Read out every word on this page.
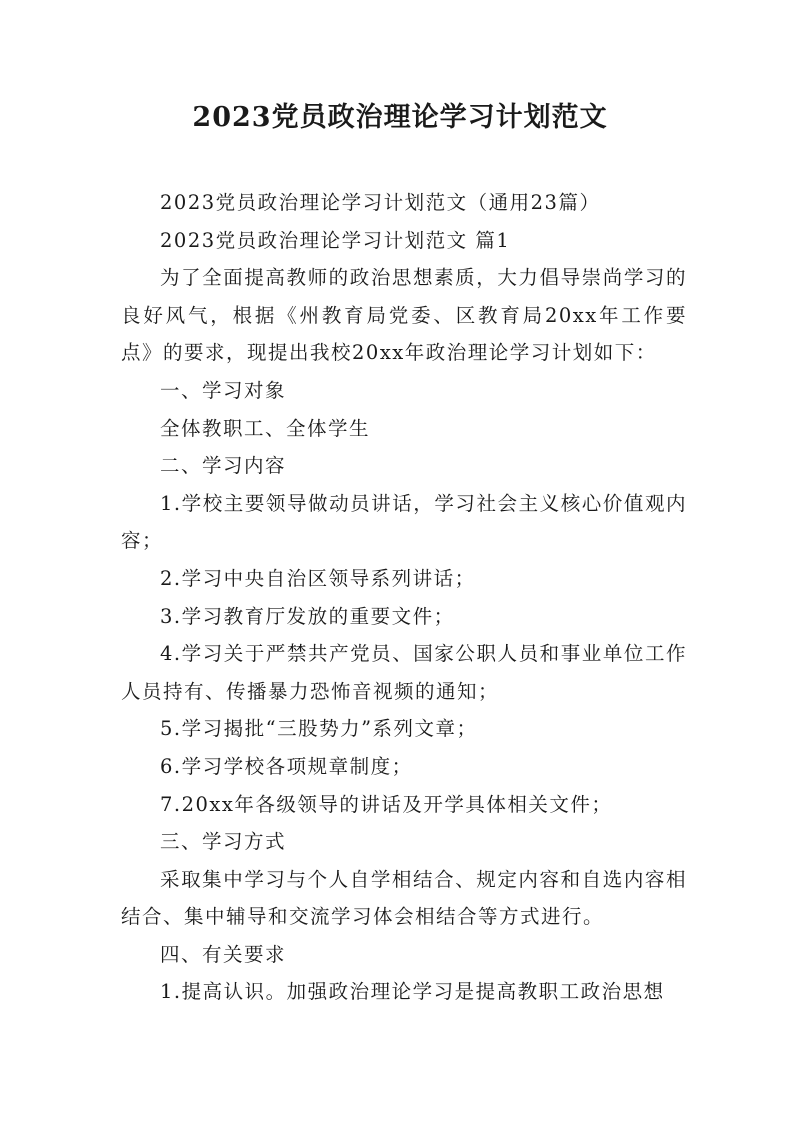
2023党员政治理论学习计划范文

2023党员政治理论学习计划范文（通用23篇）

2023党员政治理论学习计划范文 篇1

为了全面提高教师的政治思想素质，大力倡导崇尚学习的良好风气，根据《州教育局党委、区教育局20xx年工作要点》的要求，现提出我校20xx年政治理论学习计划如下：

一、学习对象

全体教职工、全体学生

二、学习内容

1.学校主要领导做动员讲话，学习社会主义核心价值观内容；

2.学习中央自治区领导系列讲话；

3.学习教育厅发放的重要文件；

4.学习关于严禁共产党员、国家公职人员和事业单位工作人员持有、传播暴力恐怖音视频的通知；

5.学习揭批“三股势力”系列文章；

6.学习学校各项规章制度；

7.20xx年各级领导的讲话及开学具体相关文件；

三、学习方式

采取集中学习与个人自学相结合、规定内容和自选内容相结合、集中辅导和交流学习体会相结合等方式进行。

四、有关要求

1.提高认识。加强政治理论学习是提高教职工政治思想
